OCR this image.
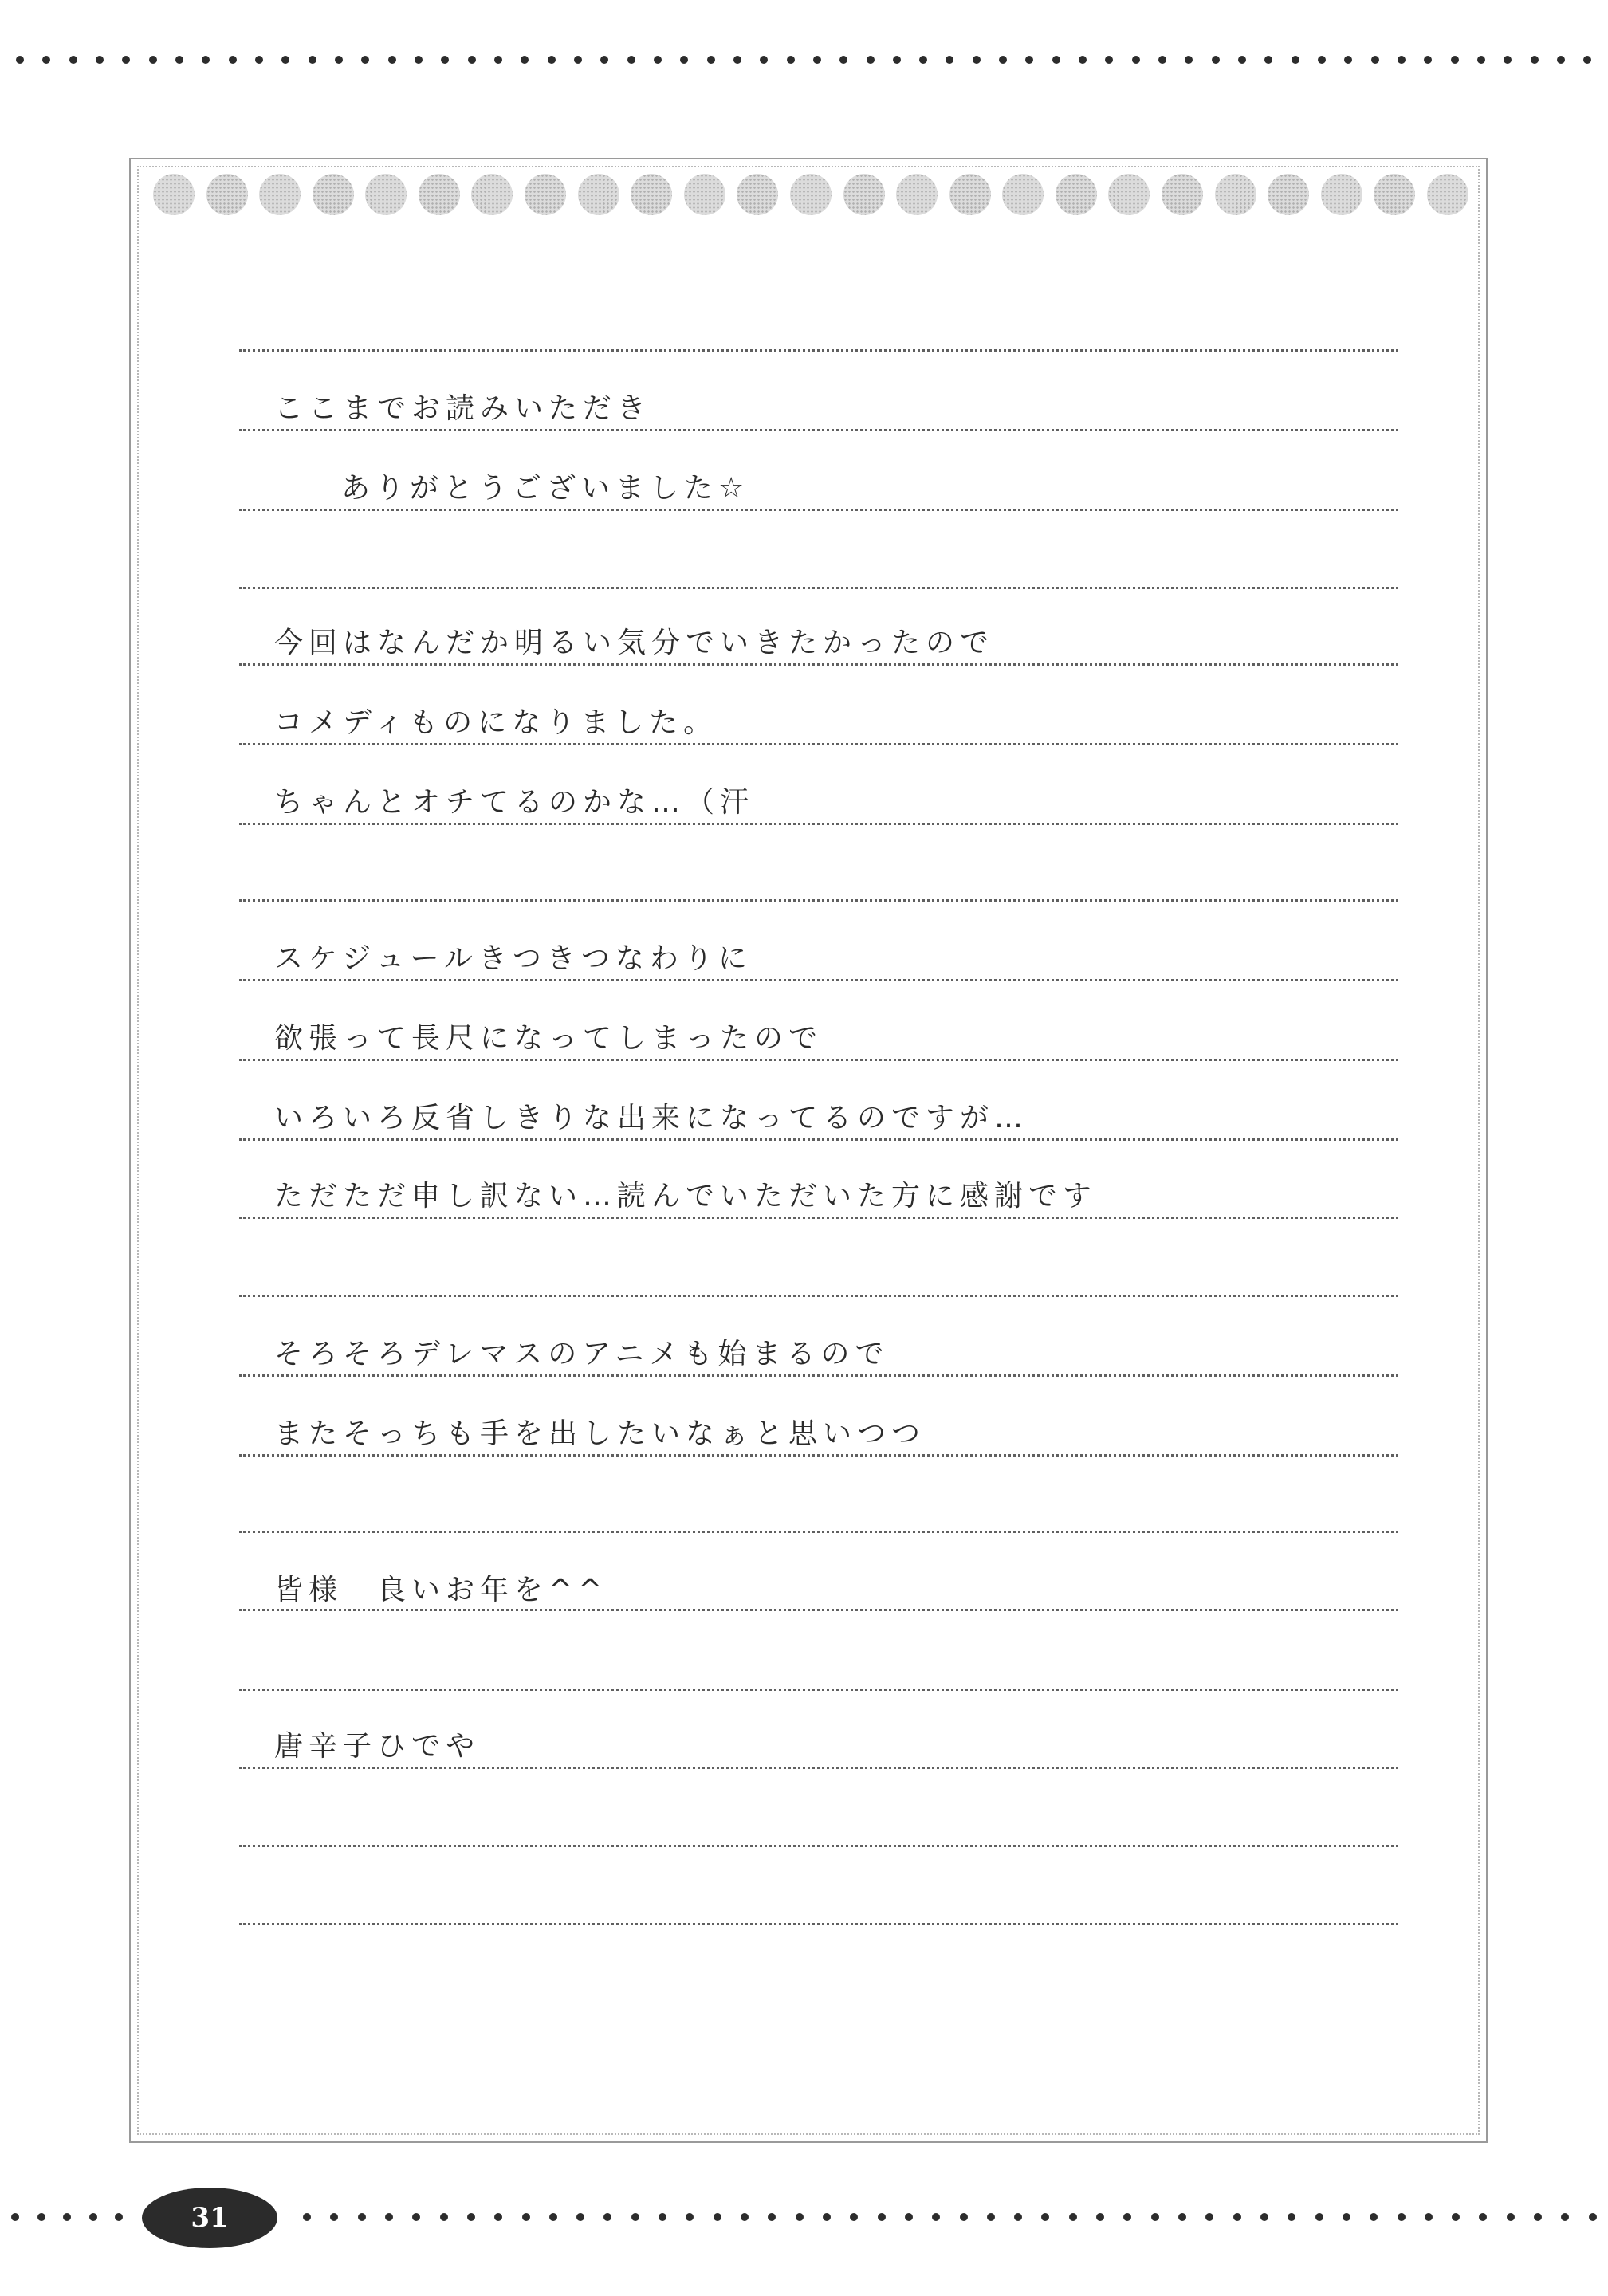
ここまでお読みいただき
ありがとうございました☆
今回はなんだか明るい気分でいきたかったので
コメディものになりました。
ちゃんとオチてるのかな…（汗
スケジュールきつきつなわりに
欲張って長尺になってしまったので
いろいろ反省しきりな出来になってるのですが…
ただただ申し訳ない…読んでいただいた方に感謝です
そろそろデレマスのアニメも始まるので
またそっちも手を出したいなぁと思いつつ
皆様　良いお年を^^
唐辛子ひでや
31
